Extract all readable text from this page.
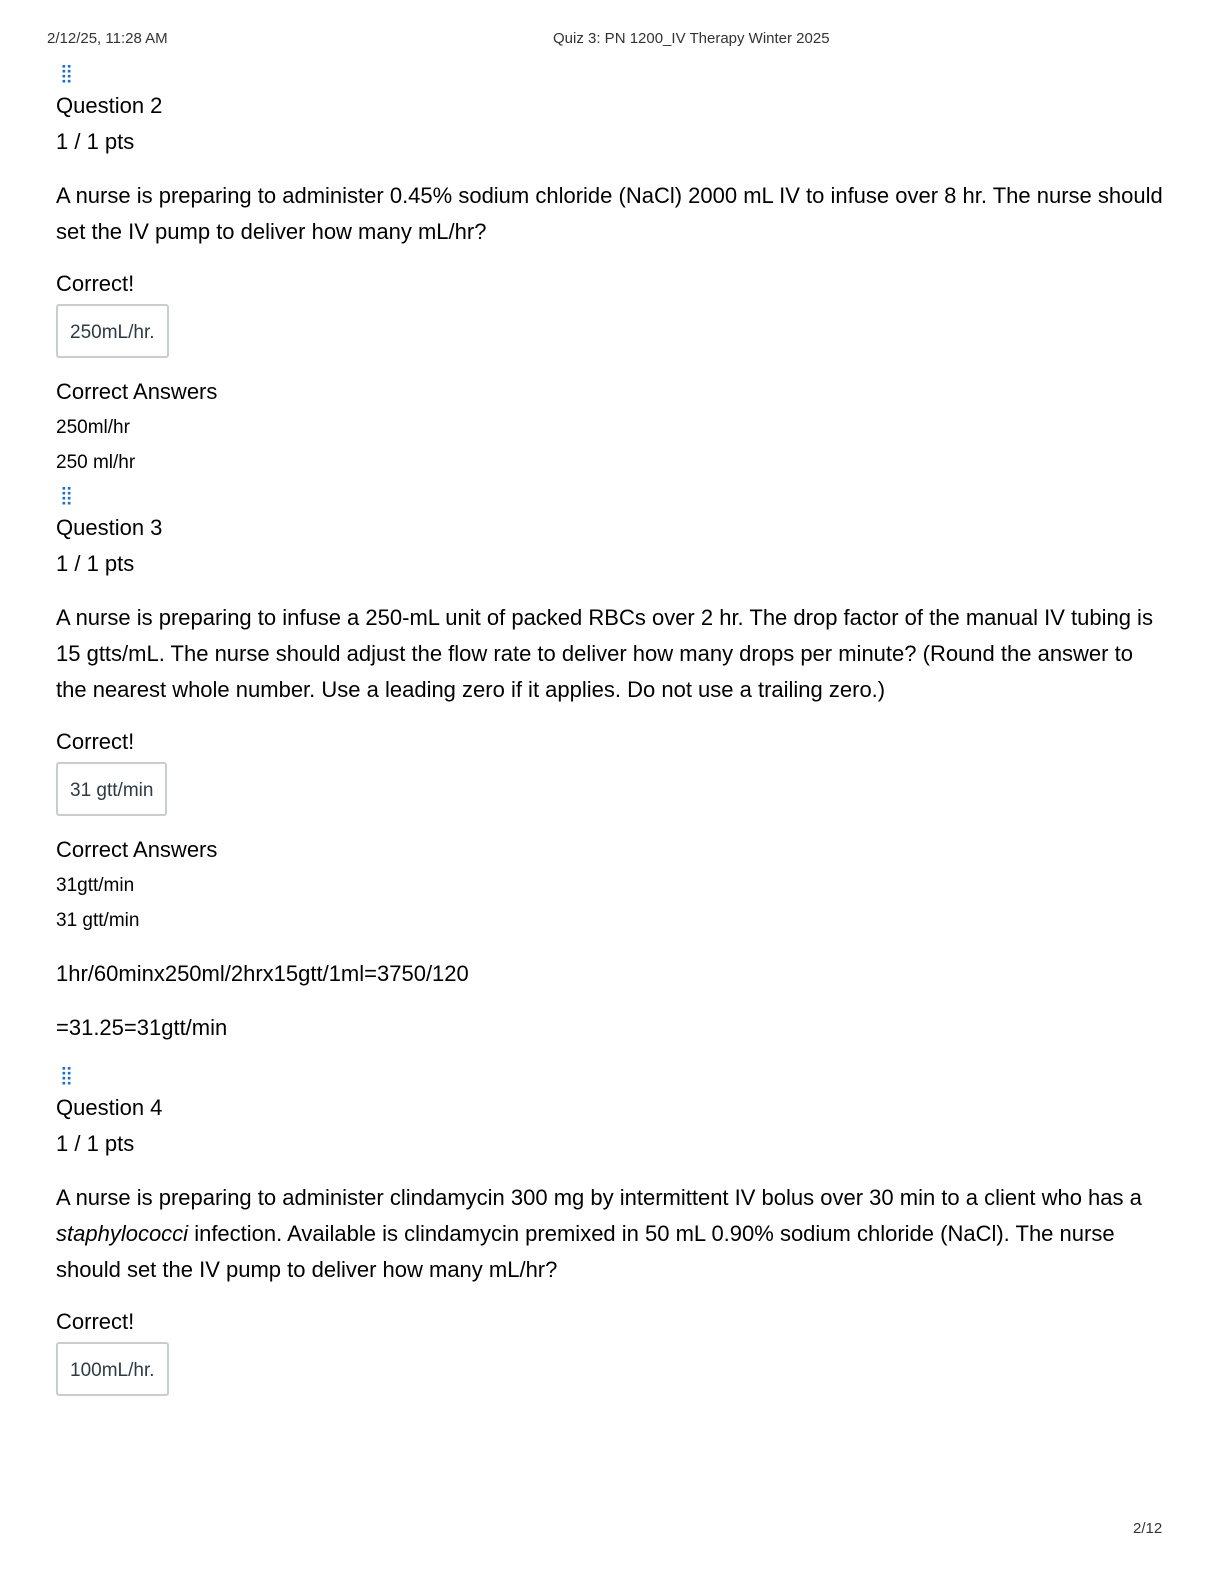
2/12/25, 11:28 AM	Quiz 3: PN 1200_IV Therapy Winter 2025
⣿
Question 2
1 / 1 pts
A nurse is preparing to administer 0.45% sodium chloride (NaCl) 2000 mL IV to infuse over 8 hr. The nurse should set the IV pump to deliver how many mL/hr?
Correct!
250mL/hr.
Correct Answers
250ml/hr
250 ml/hr
⣿
Question 3
1 / 1 pts
A nurse is preparing to infuse a 250-mL unit of packed RBCs over 2 hr. The drop factor of the manual IV tubing is 15 gtts/mL. The nurse should adjust the flow rate to deliver how many drops per minute? (Round the answer to the nearest whole number. Use a leading zero if it applies. Do not use a trailing zero.)
Correct!
31 gtt/min
Correct Answers
31gtt/min
31 gtt/min
1hr/60minx250ml/2hrx15gtt/1ml=3750/120
=31.25=31gtt/min
⣿
Question 4
1 / 1 pts
A nurse is preparing to administer clindamycin 300 mg by intermittent IV bolus over 30 min to a client who has a staphylococci infection. Available is clindamycin premixed in 50 mL 0.90% sodium chloride (NaCl). The nurse should set the IV pump to deliver how many mL/hr?
Correct!
100mL/hr.
2/12
